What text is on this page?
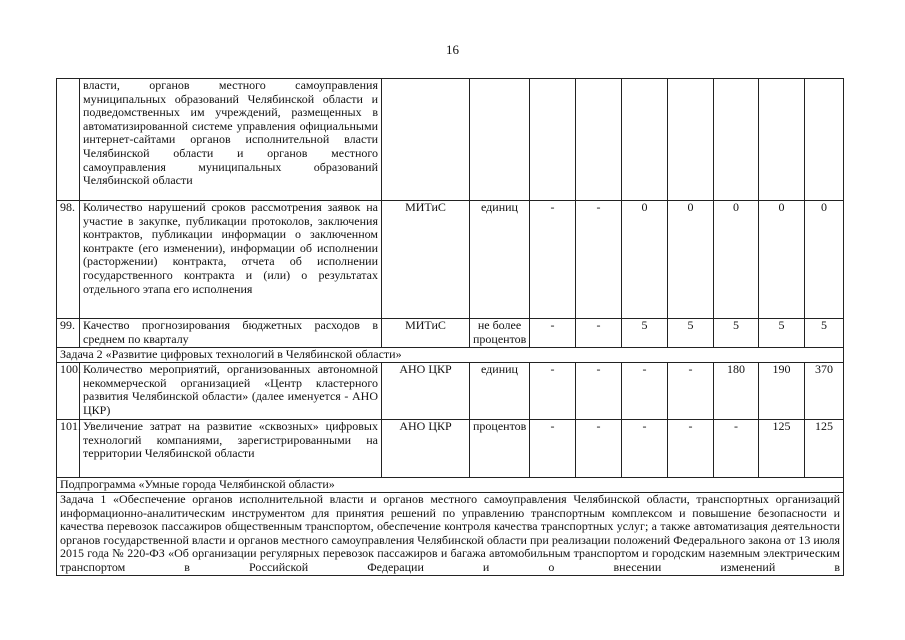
16
	власти, органов местного самоуправления муниципальных образований Челябинской области и подведомственных им учреждений, размещенных в автоматизированной системе управления официальными интернет-сайтами органов исполнительной власти Челябинской области и органов местного самоуправления муниципальных образований Челябинской области									
98.	Количество нарушений сроков рассмотрения заявок на участие в закупке, публикации протоколов, заключения контрактов, публикации информации о заключенном контракте (его изменении), информации об исполнении (расторжении) контракта, отчета об исполнении государственного контракта и (или) о результатах отдельного этапа его исполнения	МИТиС	единиц	-	-	0	0	0	0	0
99.	Качество прогнозирования бюджетных расходов в среднем по кварталу	МИТиС	не более процентов	-	-	5	5	5	5	5
Задача 2 «Развитие цифровых технологий в Челябинской области»										
100.	Количество мероприятий, организованных автономной некоммерческой организацией «Центр кластерного развития Челябинской области» (далее именуется - АНО ЦКР)	АНО ЦКР	единиц	-	-	-	-	180	190	370
101.	Увеличение затрат на развитие «сквозных» цифровых технологий компаниями, зарегистрированными на территории Челябинской области	АНО ЦКР	процентов	-	-	-	-	-	125	125
Подпрограмма «Умные города Челябинской области»										
Задача 1 «Обеспечение органов исполнительной власти и органов местного самоуправления Челябинской области, транспортных организаций информационно-аналитическим инструментом для принятия решений по управлению транспортным комплексом и повышение безопасности и качества перевозок пассажиров общественным транспортом, обеспечение контроля качества транспортных услуг; а также автоматизация деятельности органов государственной власти и органов местного самоуправления Челябинской области при реализации положений Федерального закона от 13 июля 2015 года № 220-ФЗ «Об организации регулярных перевозок пассажиров и багажа автомобильным транспортом и городским наземным электрическим транспортом в Российской Федерации и о внесении изменений в										
